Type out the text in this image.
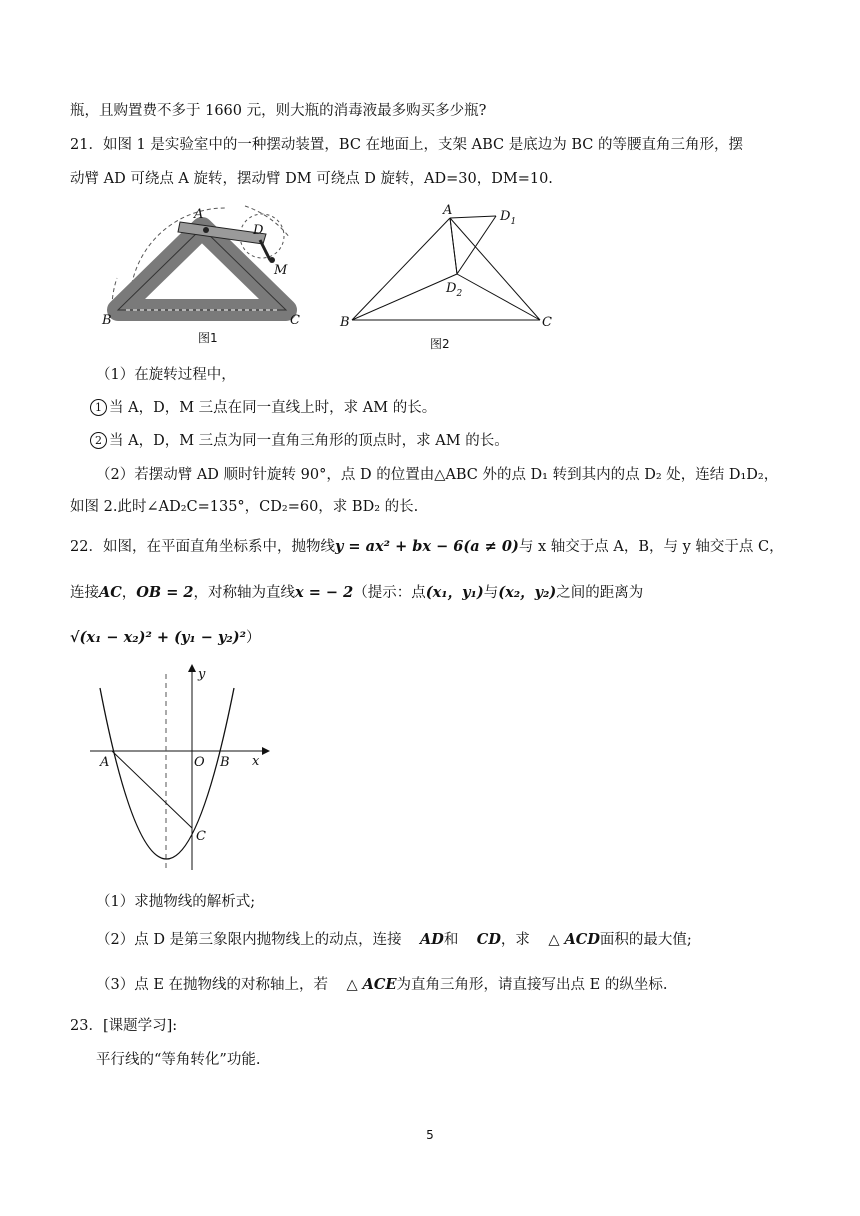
瓶，且购置费不多于 1660 元，则大瓶的消毒液最多购买多少瓶?
21．如图 1 是实验室中的一种摆动装置，BC 在地面上，支架 ABC 是底边为 BC 的等腰直角三角形，摆
动臂 AD 可绕点 A 旋转，摆动臂 DM 可绕点 D 旋转，AD=30，DM=10.
A
D
M
B	C
图1
A	$D_1$
$D_2$
B	C
图2
（1）在旋转过程中，
1 当 A，D，M 三点在同一直线上时，求 AM 的长。
2 当 A，D，M 三点为同一直角三角形的顶点时，求 AM 的长。
（2）若摆动臂 AD 顺时针旋转 90°，点 D 的位置由△ABC 外的点 D₁ 转到其内的点 D₂ 处，连结 D₁D₂，
如图 2.此时∠AD₂C=135°，CD₂=60，求 BD₂ 的长.
22．如图，在平面直角坐标系中，抛物线y = ax² + bx − 6(a ≠ 0)与 x 轴交于点 A，B，与 y 轴交于点 C，
连接AC，OB = 2，对称轴为直线x = − 2（提示：点(x₁，y₁)与(x₂，y₂)之间的距离为
√(x₁ − x₂)² + (y₁ − y₂)²）
y
x
A	O B
C
（1）求抛物线的解析式;
（2）点 D 是第三象限内抛物线上的动点，连接 AD和 CD，求 △ ACD面积的最大值;
（3）点 E 在抛物线的对称轴上，若 △ ACE为直角三角形，请直接写出点 E 的纵坐标.
23．[课题学习]:
平行线的“等角转化”功能.
5
